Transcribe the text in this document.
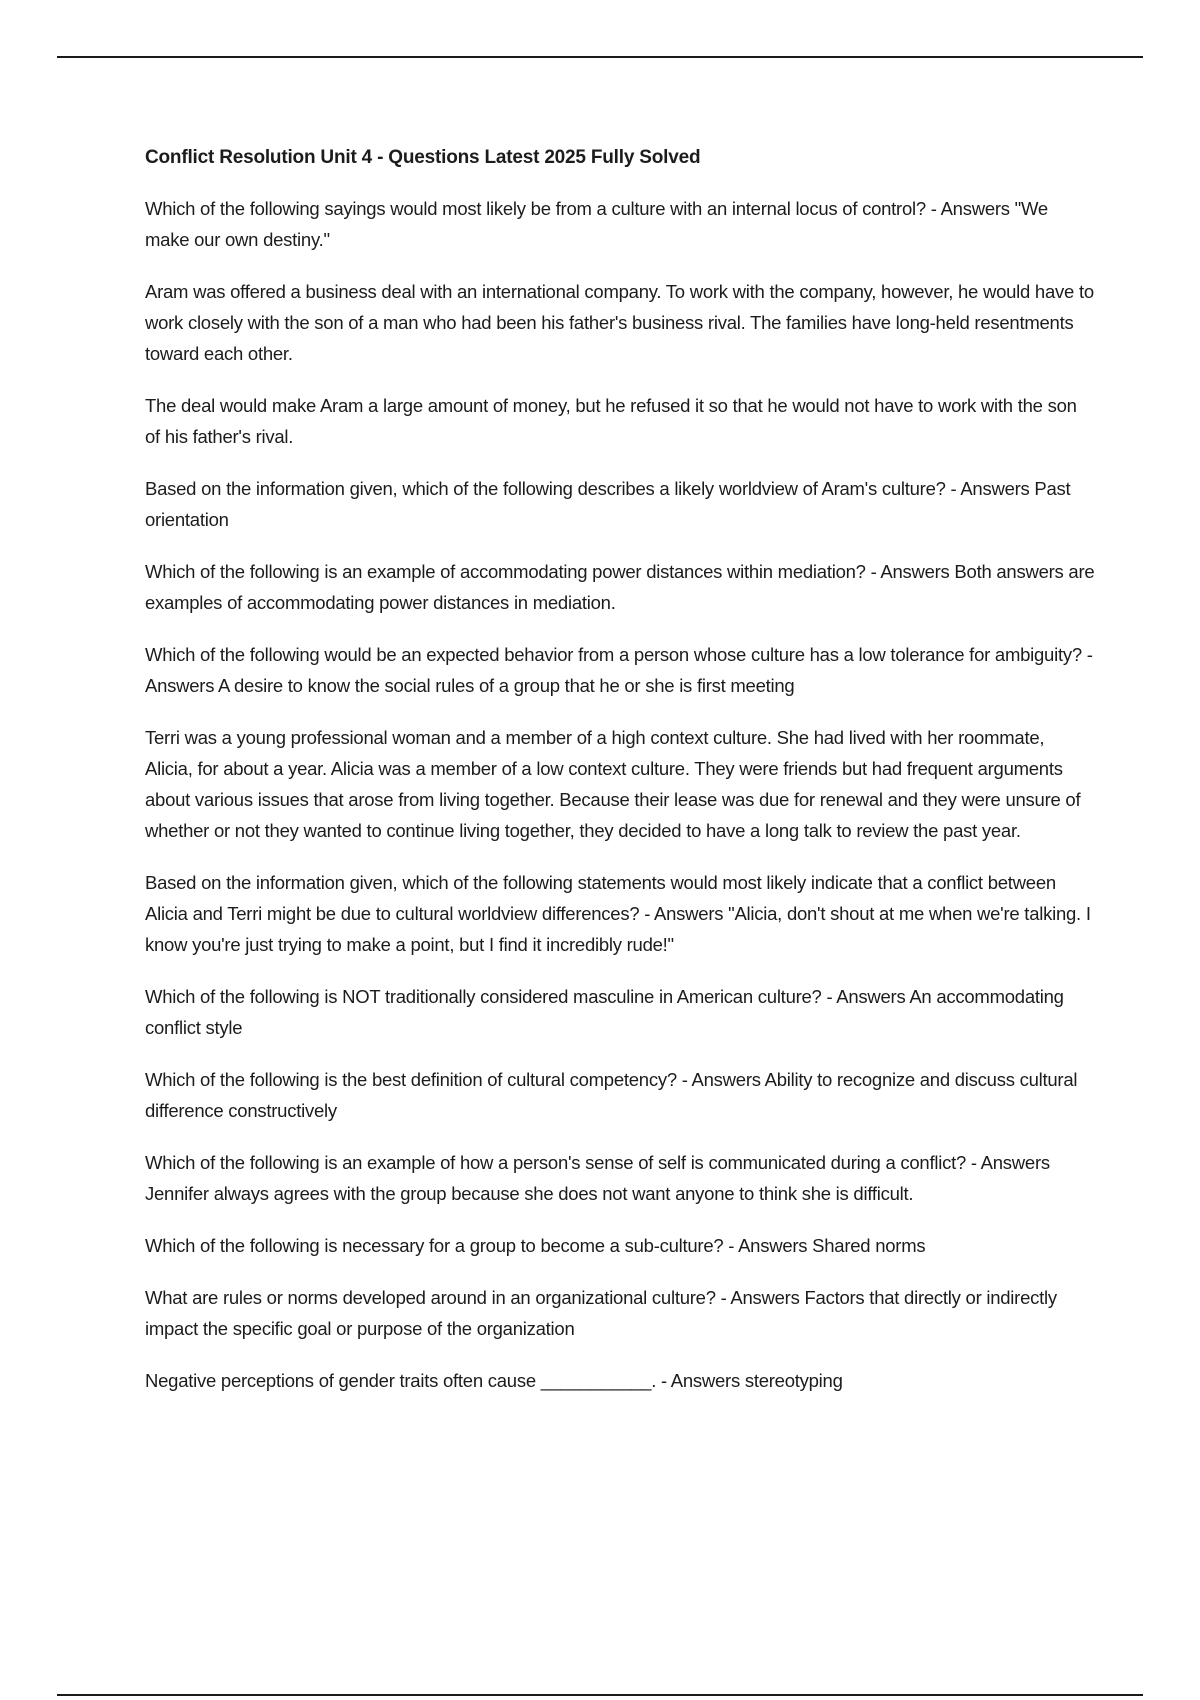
Conflict Resolution Unit 4 - Questions Latest 2025 Fully Solved

Which of the following sayings would most likely be from a culture with an internal locus of control? - Answers "We make our own destiny."

Aram was offered a business deal with an international company. To work with the company, however, he would have to work closely with the son of a man who had been his father's business rival. The families have long-held resentments toward each other.

The deal would make Aram a large amount of money, but he refused it so that he would not have to work with the son of his father's rival.

Based on the information given, which of the following describes a likely worldview of Aram's culture? - Answers Past orientation

Which of the following is an example of accommodating power distances within mediation? - Answers Both answers are examples of accommodating power distances in mediation.

Which of the following would be an expected behavior from a person whose culture has a low tolerance for ambiguity? - Answers A desire to know the social rules of a group that he or she is first meeting

Terri was a young professional woman and a member of a high context culture. She had lived with her roommate, Alicia, for about a year. Alicia was a member of a low context culture. They were friends but had frequent arguments about various issues that arose from living together. Because their lease was due for renewal and they were unsure of whether or not they wanted to continue living together, they decided to have a long talk to review the past year.

Based on the information given, which of the following statements would most likely indicate that a conflict between Alicia and Terri might be due to cultural worldview differences? - Answers "Alicia, don't shout at me when we're talking. I know you're just trying to make a point, but I find it incredibly rude!"

Which of the following is NOT traditionally considered masculine in American culture? - Answers An accommodating conflict style

Which of the following is the best definition of cultural competency? - Answers Ability to recognize and discuss cultural difference constructively

Which of the following is an example of how a person's sense of self is communicated during a conflict? - Answers Jennifer always agrees with the group because she does not want anyone to think she is difficult.

Which of the following is necessary for a group to become a sub-culture? - Answers Shared norms

What are rules or norms developed around in an organizational culture? - Answers Factors that directly or indirectly impact the specific goal or purpose of the organization

Negative perceptions of gender traits often cause ___________. - Answers stereotyping
